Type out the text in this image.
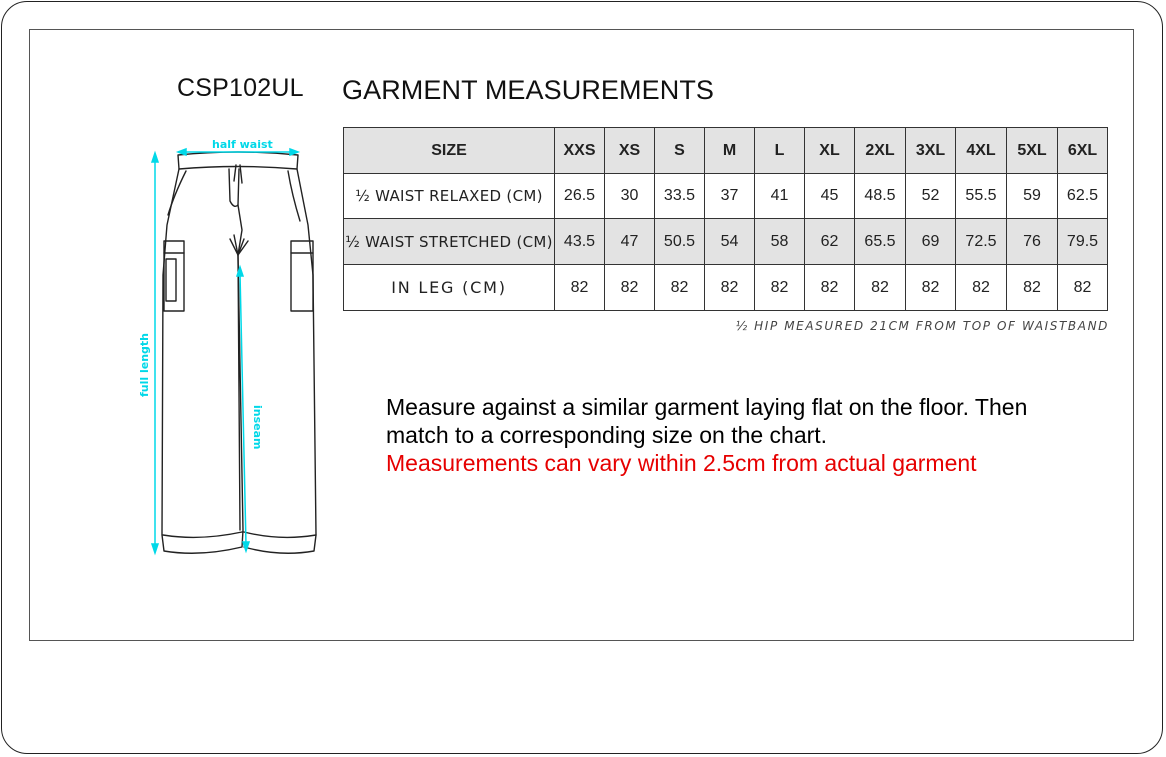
CSP102UL GARMENT MEASUREMENTS
half waist
full length
inseam
SIZE	XXS	XS	S	M	L	XL	2XL	3XL	4XL	5XL	6XL
½ WAIST RELAXED (CM)	26.5	30	33.5	37	41	45	48.5	52	55.5	59	62.5
½ WAIST STRETCHED (CM)	43.5	47	50.5	54	58	62	65.5	69	72.5	76	79.5
IN LEG (CM)	82	82	82	82	82	82	82	82	82	82	82
½ HIP MEASURED 21CM FROM TOP OF WAISTBAND
Measure against a similar garment laying flat on the floor. Then
match to a corresponding size on the chart.
Measurements can vary within 2.5cm from actual garment
